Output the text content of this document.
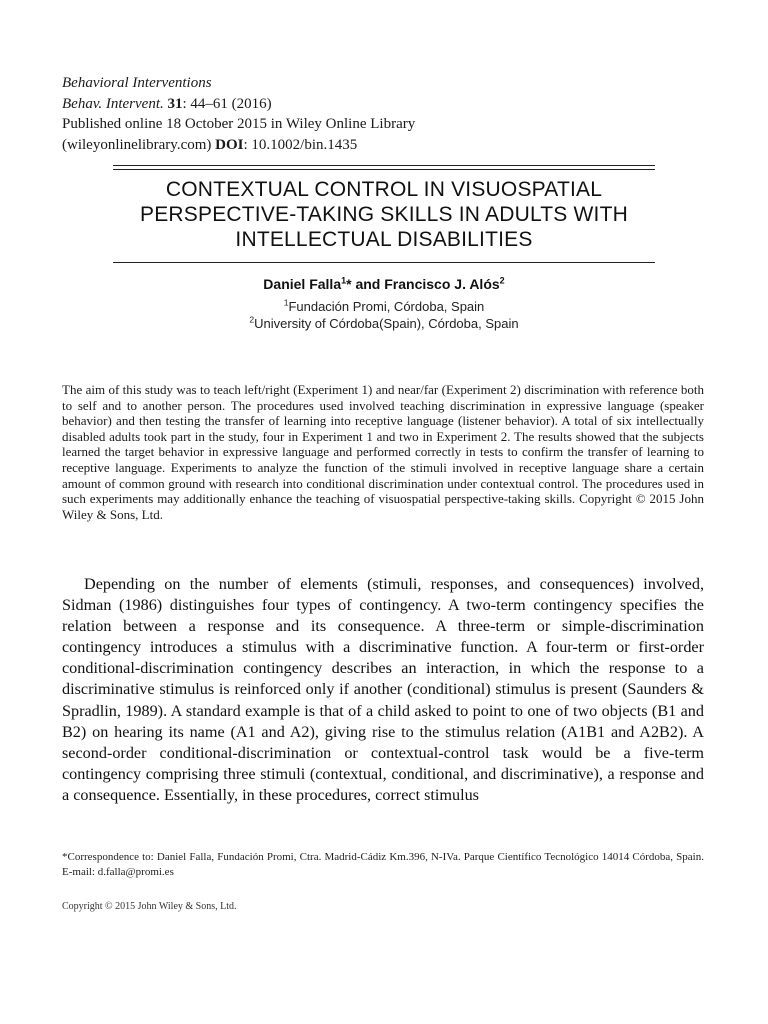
Behavioral Interventions
Behav. Intervent. 31: 44–61 (2016)
Published online 18 October 2015 in Wiley Online Library
(wileyonlinelibrary.com) DOI: 10.1002/bin.1435
CONTEXTUAL CONTROL IN VISUOSPATIAL
PERSPECTIVE-TAKING SKILLS IN ADULTS WITH
INTELLECTUAL DISABILITIES
Daniel Falla$^1$* and Francisco J. Alós$^2$
$^1$Fundación Promi, Córdoba, Spain
$^2$University of Córdoba(Spain), Córdoba, Spain

The aim of this study was to teach left/right (Experiment 1) and near/far (Experiment 2) discrimination with reference both to self and to another person. The procedures used involved teaching discrimination in expressive language (speaker behavior) and then testing the transfer of learning into receptive language (listener behavior). A total of six intellectually disabled adults took part in the study, four in Experiment 1 and two in Experiment 2. The results showed that the subjects learned the target behavior in expressive language and performed correctly in tests to confirm the transfer of learning to receptive language. Experiments to analyze the function of the stimuli involved in receptive language share a certain amount of common ground with research into conditional discrimination under contextual control. The procedures used in such experiments may additionally enhance the teaching of visuospatial perspective-taking skills. Copyright © 2015 John Wiley & Sons, Ltd.

Depending on the number of elements (stimuli, responses, and consequences) involved, Sidman (1986) distinguishes four types of contingency. A two-term contingency specifies the relation between a response and its consequence. A three-term or simple-discrimination contingency introduces a stimulus with a discriminative function. A four-term or first-order conditional-discrimination contingency describes an interaction, in which the response to a discriminative stimulus is reinforced only if another (conditional) stimulus is present (Saunders & Spradlin, 1989). A standard example is that of a child asked to point to one of two objects (B1 and B2) on hearing its name (A1 and A2), giving rise to the stimulus relation (A1B1 and A2B2). A second-order conditional-discrimination or contextual-control task would be a five-term contingency comprising three stimuli (contextual, conditional, and discriminative), a response and a consequence. Essentially, in these procedures, correct stimulus

*Correspondence to: Daniel Falla, Fundación Promi, Ctra. Madrid-Cádiz Km.396, N-IVa. Parque Científico Tecnológico 14014 Córdoba, Spain. E-mail: d.falla@promi.es

Copyright © 2015 John Wiley & Sons, Ltd.
